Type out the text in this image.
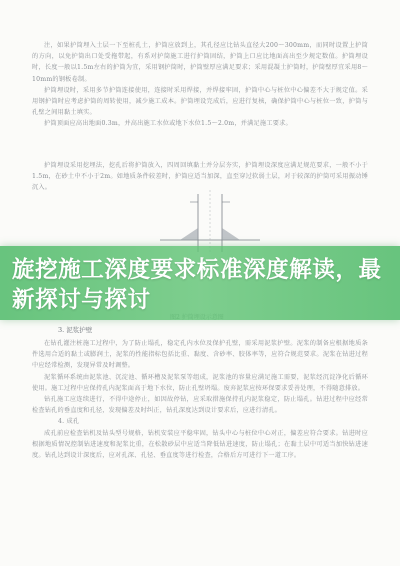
注，如果护筒埋入土层一下至桩孔土，护筒应放到上，其孔径应比钻头直径大200～300mm，而同时设置上护筒的方向，以免护筒出口处受拖带起，有系对护筒施工进行护筒固结，护筒上口应比地面高出至少规定数值。护筒埋设时，长度一般以1.5m左右的护筒为宜，采用钢护筒时，护筒壁厚应满足要求；采用混凝土护筒时，护筒壁厚宜采用8～10mm的钢板卷制。

护筒埋设时，采用多节护筒连接使用，连接时采用焊接，并焊接牢固，护筒中心与桩位中心偏差不大于规定值。采用钢护筒时应考虑护筒的周转使用，减少施工成本。护筒埋设完成后，应进行复核，确保护筒中心与桩位一致，护筒与孔壁之间用黏土填实。

护筒顶面应高出地面0.3m，并高出施工水位或地下水位1.5～2.0m，并满足施工要求。

护筒埋设采用挖埋法，挖孔后将护筒放入，四周回填黏土并分层夯实，护筒埋设深度应满足规范要求，一般不小于1.5m，在砂土中不小于2m。如地质条件较差时，护筒应适当加深，直至穿过软弱土层，对于较深的护筒可采用振动锤沉入。

3. 泥浆护壁

在钻孔灌注桩施工过程中，为了防止塌孔，稳定孔内水位及保护孔壁，需采用泥浆护壁。泥浆的制备应根据地质条件选用合适的黏土或膨润土，泥浆的性能指标包括比重、黏度、含砂率、胶体率等，应符合规范要求。泥浆在钻进过程中应经常检测，发现异常及时调整。

泥浆循环系统由泥浆池、沉淀池、循环槽及泥浆泵等组成，泥浆池的容量应满足施工需要，泥浆经沉淀净化后循环使用。施工过程中应保持孔内泥浆面高于地下水位，防止孔壁坍塌。废弃泥浆应按环保要求妥善处理，不得随意排放。

钻孔施工应连续进行，不得中途停止，如因故停钻，应采取措施保持孔内泥浆稳定，防止塌孔。钻进过程中应经常检查钻孔的垂直度和孔径，发现偏差及时纠正，钻孔深度达到设计要求后，应进行清孔。

4. 成孔

成孔前应检查钻机及钻头型号规格，钻机安装应平稳牢固，钻头中心与桩位中心对正，偏差应符合要求。钻进时应根据地质情况控制钻进速度和泥浆比重，在松散砂层中应适当降低钻进速度，防止塌孔；在黏土层中可适当加快钻进速度。钻孔达到设计深度后，应对孔深、孔径、垂直度等进行检查，合格后方可进行下一道工序。

旋挖施工深度要求标准深度解读，最新探讨与探讨
